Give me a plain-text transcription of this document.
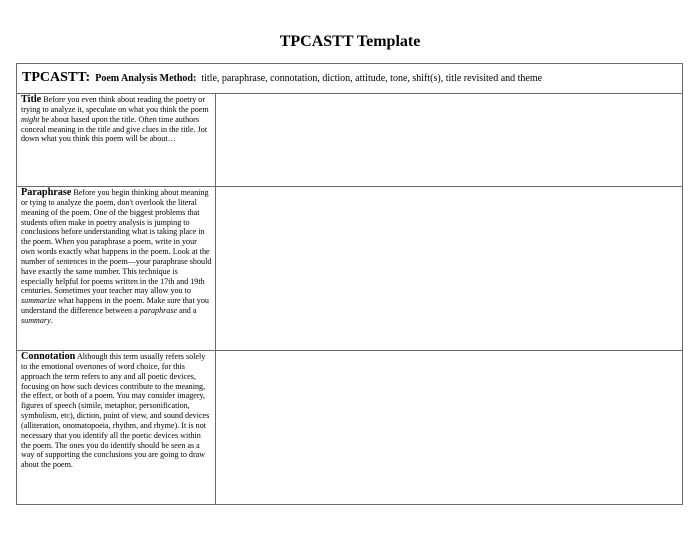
TPCASTT Template
TPCASTT: Poem Analysis Method: title, paraphrase, connotation, diction, attitude, tone, shift(s), title revisited and theme	
Title Before you even think about reading the poetry or trying to analyze it, speculate on what you think the poem might be about based upon the title. Often time authors conceal meaning in the title and give clues in the title. Jot down what you think this poem will be about…	
Paraphrase Before you begin thinking about meaning or tying to analyze the poem, don't overlook the literal meaning of the poem. One of the biggest problems that students often make in poetry analysis is jumping to conclusions before understanding what is taking place in the poem. When you paraphrase a poem, write in your own words exactly what happens in the poem. Look at the number of sentences in the poem—your paraphrase should have exactly the same number. This technique is especially helpful for poems written in the 17th and 19th centuries. Sometimes your teacher may allow you to summarize what happens in the poem. Make sure that you understand the difference between a paraphrase and a summary.	
Connotation Although this term usually refers solely to the emotional overtones of word choice, for this approach the term refers to any and all poetic devices, focusing on how such devices contribute to the meaning, the effect, or both of a poem. You may consider imagery, figures of speech (simile, metaphor, personification, symbolism, etc), diction, point of view, and sound devices (alliteration, onomatopoeia, rhythm, and rhyme). It is not necessary that you identify all the poetic devices within the poem. The ones you do identify should be seen as a way of supporting the conclusions you are going to draw about the poem.	
